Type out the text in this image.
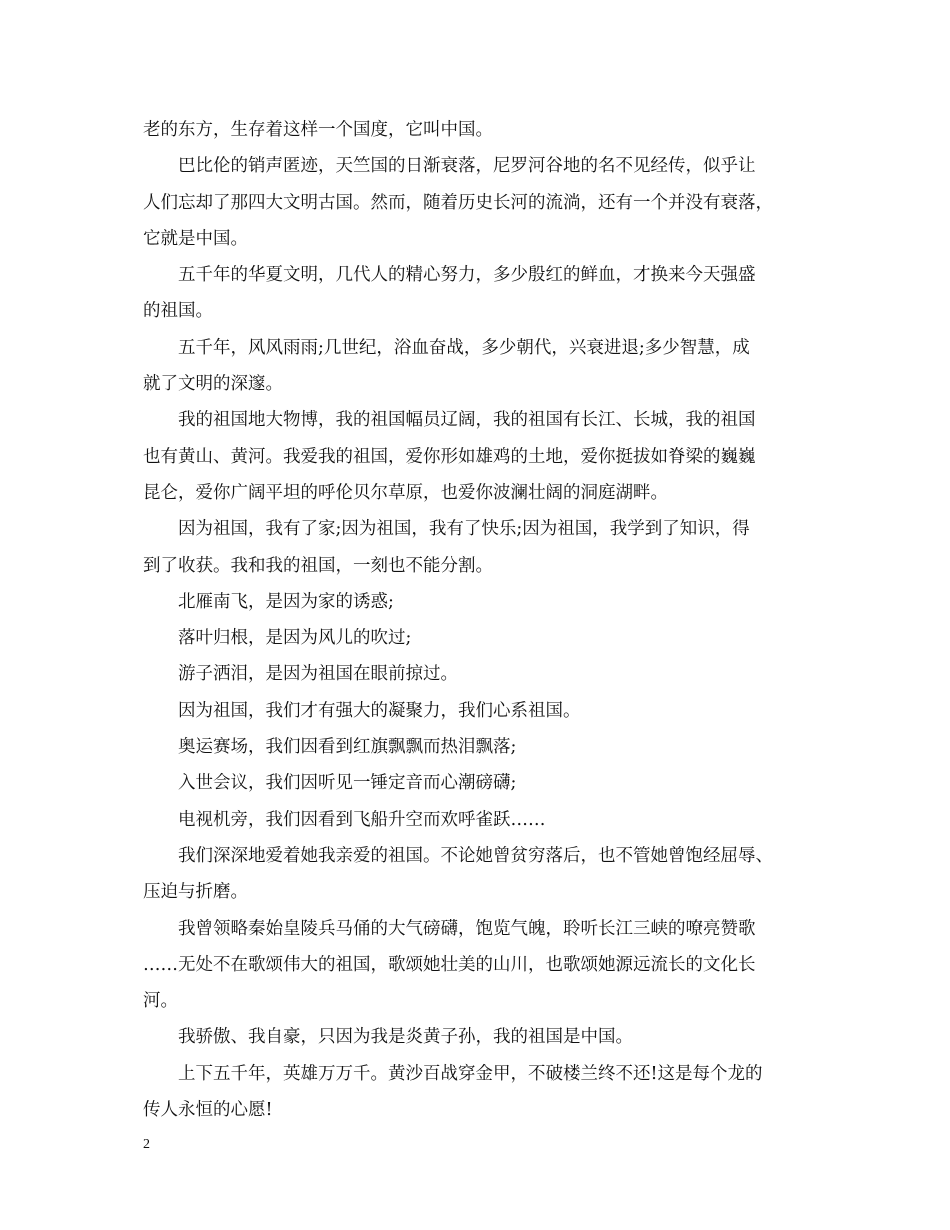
老的东方，生存着这样一个国度，它叫中国。
巴比伦的销声匿迹，天竺国的日渐衰落，尼罗河谷地的名不见经传，似乎让
人们忘却了那四大文明古国。然而，随着历史长河的流淌，还有一个并没有衰落，
它就是中国。
五千年的华夏文明，几代人的精心努力，多少殷红的鲜血，才换来今天强盛
的祖国。
五千年，风风雨雨;几世纪，浴血奋战，多少朝代，兴衰进退;多少智慧，成
就了文明的深邃。
我的祖国地大物博，我的祖国幅员辽阔，我的祖国有长江、长城，我的祖国
也有黄山、黄河。我爱我的祖国，爱你形如雄鸡的土地，爱你挺拔如脊梁的巍巍
昆仑，爱你广阔平坦的呼伦贝尔草原，也爱你波澜壮阔的洞庭湖畔。
因为祖国，我有了家;因为祖国，我有了快乐;因为祖国，我学到了知识，得
到了收获。我和我的祖国，一刻也不能分割。
北雁南飞，是因为家的诱惑;
落叶归根，是因为风儿的吹过;
游子洒泪，是因为祖国在眼前掠过。
因为祖国，我们才有强大的凝聚力，我们心系祖国。
奥运赛场，我们因看到红旗飘飘而热泪飘落;
入世会议，我们因听见一锤定音而心潮磅礴;
电视机旁，我们因看到飞船升空而欢呼雀跃……
我们深深地爱着她我亲爱的祖国。不论她曾贫穷落后，也不管她曾饱经屈辱、
压迫与折磨。
我曾领略秦始皇陵兵马俑的大气磅礴，饱览气魄，聆听长江三峡的嘹亮赞歌
……无处不在歌颂伟大的祖国，歌颂她壮美的山川，也歌颂她源远流长的文化长
河。
我骄傲、我自豪，只因为我是炎黄子孙，我的祖国是中国。
上下五千年，英雄万万千。黄沙百战穿金甲，不破楼兰终不还!这是每个龙的
传人永恒的心愿!
2
